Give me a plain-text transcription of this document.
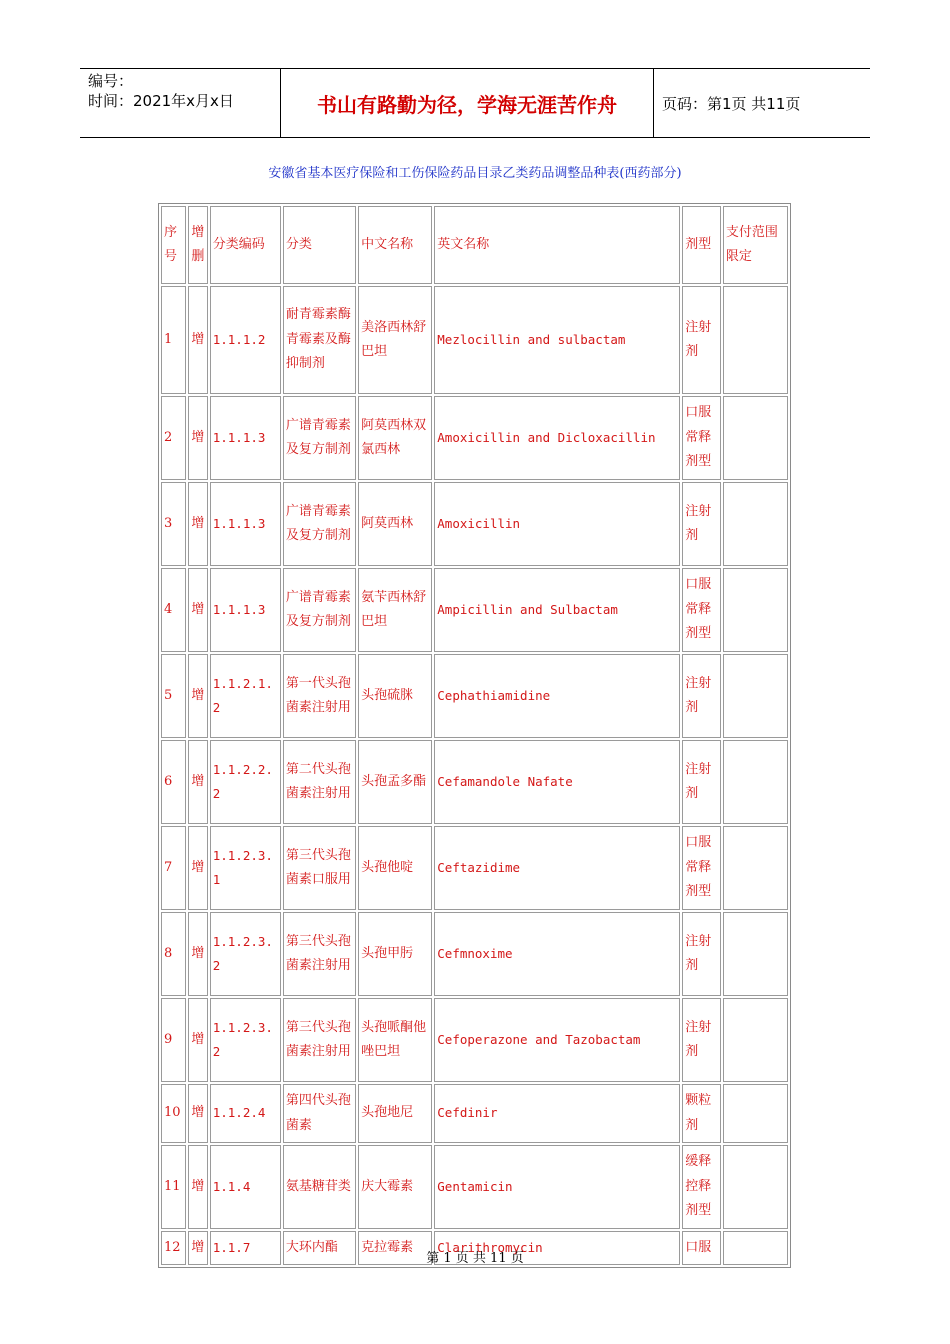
编号：
时间：2021年x月x日	书山有路勤为径，学海无涯苦作舟	页码：第1页 共11页
安徽省基本医疗保险和工伤保险药品目录乙类药品调整品种表(西药部分)
序号	增删	分类编码	分类	中文名称	英文名称	剂型	支付范围限定
1	增	1.1.1.2	耐青霉素酶青霉素及酶抑制剂	美洛西林舒巴坦	Mezlocillin and sulbactam	注射剂	
2	增	1.1.1.3	广谱青霉素及复方制剂	阿莫西林双氯西林	Amoxicillin and Dicloxacillin	口服常释剂型	
3	增	1.1.1.3	广谱青霉素及复方制剂	阿莫西林	Amoxicillin	注射剂	
4	增	1.1.1.3	广谱青霉素及复方制剂	氨苄西林舒巴坦	Ampicillin and Sulbactam	口服常释剂型	
5	增	1.1.2.1.2	第一代头孢菌素注射用	头孢硫脒	Cephathiamidine	注射剂	
6	增	1.1.2.2.2	第二代头孢菌素注射用	头孢孟多酯	Cefamandole Nafate	注射剂	
7	增	1.1.2.3.1	第三代头孢菌素口服用	头孢他啶	Ceftazidime	口服常释剂型	
8	增	1.1.2.3.2	第三代头孢菌素注射用	头孢甲肟	Cefmnoxime	注射剂	
9	增	1.1.2.3.2	第三代头孢菌素注射用	头孢哌酮他唑巴坦	Cefoperazone and Tazobactam	注射剂	
10	增	1.1.2.4	第四代头孢菌素	头孢地尼	Cefdinir	颗粒剂	
11	增	1.1.4	氨基糖苷类	庆大霉素	Gentamicin	缓释控释剂型	
12	增	1.1.7	大环内酯	克拉霉素	Clarithromycin	口服	
第 1 页 共 11 页
